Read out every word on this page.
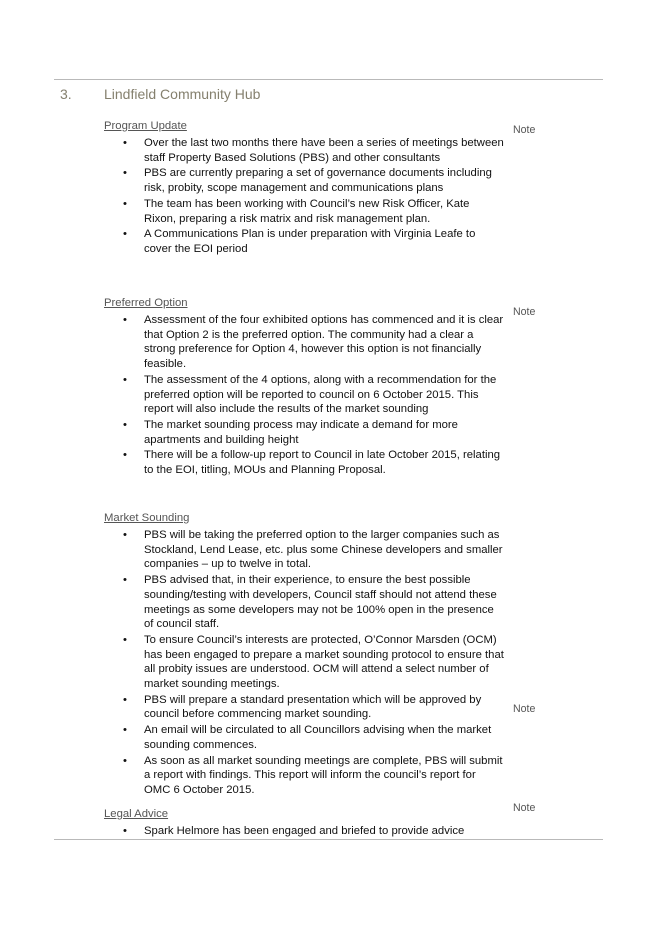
3. Lindfield Community Hub

Program Update

• Over the last two months there have been a series of meetings between staff Property Based Solutions (PBS) and other consultants
• PBS are currently preparing a set of governance documents including risk, probity, scope management and communications plans
• The team has been working with Council’s new Risk Officer, Kate Rixon, preparing a risk matrix and risk management plan.
• A Communications Plan is under preparation with Virginia Leafe to cover the EOI period
Note

Preferred Option

• Assessment of the four exhibited options has commenced and it is clear that Option 2 is the preferred option. The community had a clear a strong preference for Option 4, however this option is not financially feasible.
• The assessment of the 4 options, along with a recommendation for the preferred option will be reported to council on 6 October 2015. This report will also include the results of the market sounding
• The market sounding process may indicate a demand for more apartments and building height
• There will be a follow-up report to Council in late October 2015, relating to the EOI, titling, MOUs and Planning Proposal.
Note

Market Sounding

• PBS will be taking the preferred option to the larger companies such as Stockland, Lend Lease, etc. plus some Chinese developers and smaller companies – up to twelve in total.
• PBS advised that, in their experience, to ensure the best possible sounding/testing with developers, Council staff should not attend these meetings as some developers may not be 100% open in the presence of council staff.
• To ensure Council’s interests are protected, O’Connor Marsden (OCM) has been engaged to prepare a market sounding protocol to ensure that all probity issues are understood. OCM will attend a select number of market sounding meetings.
• PBS will prepare a standard presentation which will be approved by council before commencing market sounding.
• An email will be circulated to all Councillors advising when the market sounding commences.
• As soon as all market sounding meetings are complete, PBS will submit a report with findings. This report will inform the council’s report for OMC 6 October 2015.
Note

Legal Advice

• Spark Helmore has been engaged and briefed to provide advice
Note
